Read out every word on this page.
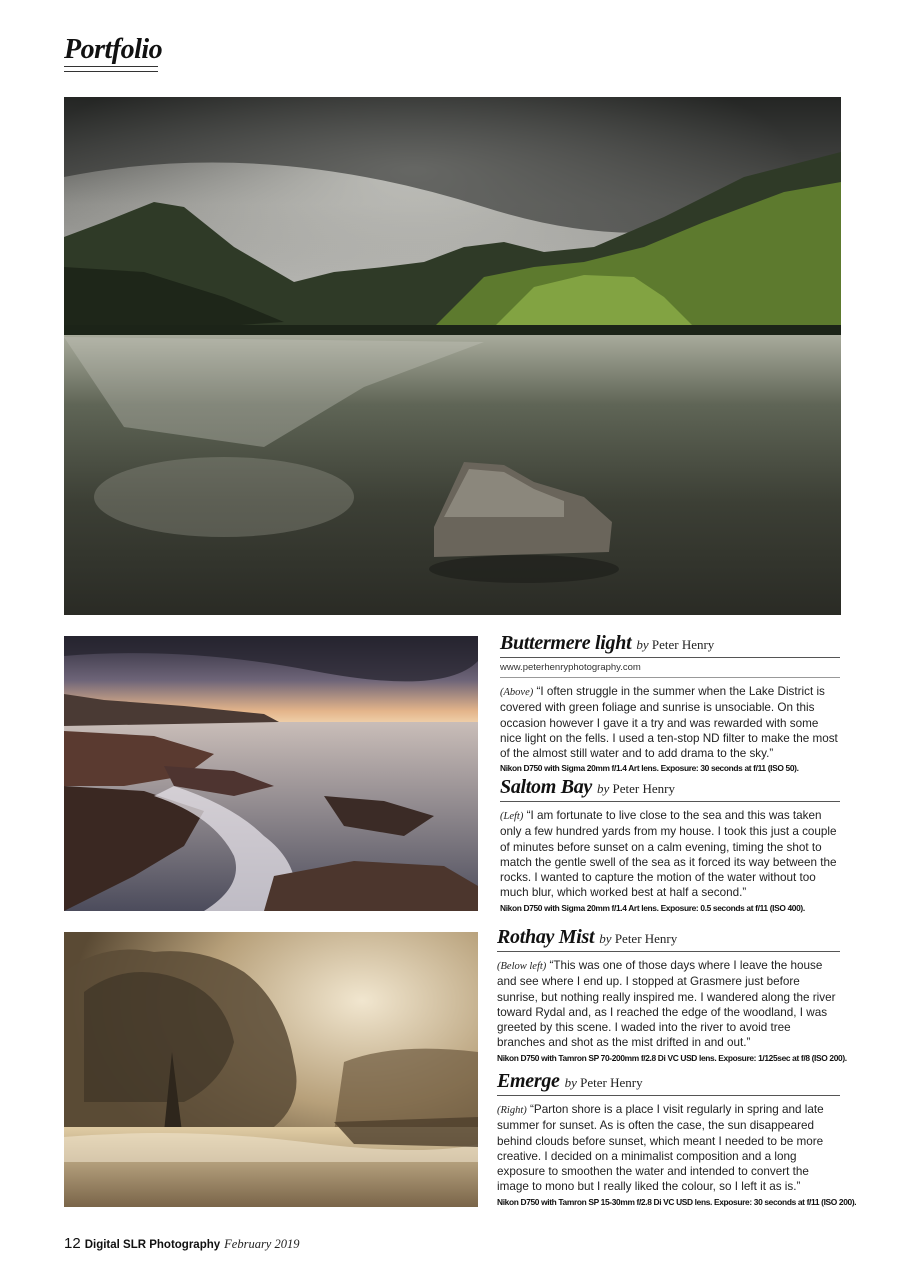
Portfolio
Buttermere light by Peter Henry
www.peterhenryphotography.com
(Above) “I often struggle in the summer when the Lake District is covered with green foliage and sunrise is unsociable. On this occasion however I gave it a try and was rewarded with some nice light on the fells. I used a ten-stop ND filter to make the most of the almost still water and to add drama to the sky.”
Nikon D750 with Sigma 20mm f/1.4 Art lens. Exposure: 30 seconds at f/11 (ISO 50).
Saltom Bay by Peter Henry
(Left) “I am fortunate to live close to the sea and this was taken only a few hundred yards from my house. I took this just a couple of minutes before sunset on a calm evening, timing the shot to match the gentle swell of the sea as it forced its way between the rocks. I wanted to capture the motion of the water without too much blur, which worked best at half a second.”
Nikon D750 with Sigma 20mm f/1.4 Art lens. Exposure: 0.5 seconds at f/11 (ISO 400).
Rothay Mist by Peter Henry
(Below left) “This was one of those days where I leave the house and see where I end up. I stopped at Grasmere just before sunrise, but nothing really inspired me. I wandered along the river toward Rydal and, as I reached the edge of the woodland, I was greeted by this scene. I waded into the river to avoid tree branches and shot as the mist drifted in and out.”
Nikon D750 with Tamron SP 70-200mm f/2.8 Di VC USD lens. Exposure: 1/125sec at f/8 (ISO 200).
Emerge by Peter Henry
(Right) “Parton shore is a place I visit regularly in spring and late summer for sunset. As is often the case, the sun disappeared behind clouds before sunset, which meant I needed to be more creative. I decided on a minimalist composition and a long exposure to smoothen the water and intended to convert the image to mono but I really liked the colour, so I left it as is.”
Nikon D750 with Tamron SP 15-30mm f/2.8 Di VC USD lens. Exposure: 30 seconds at f/11 (ISO 200).
12 Digital SLR Photography February 2019
